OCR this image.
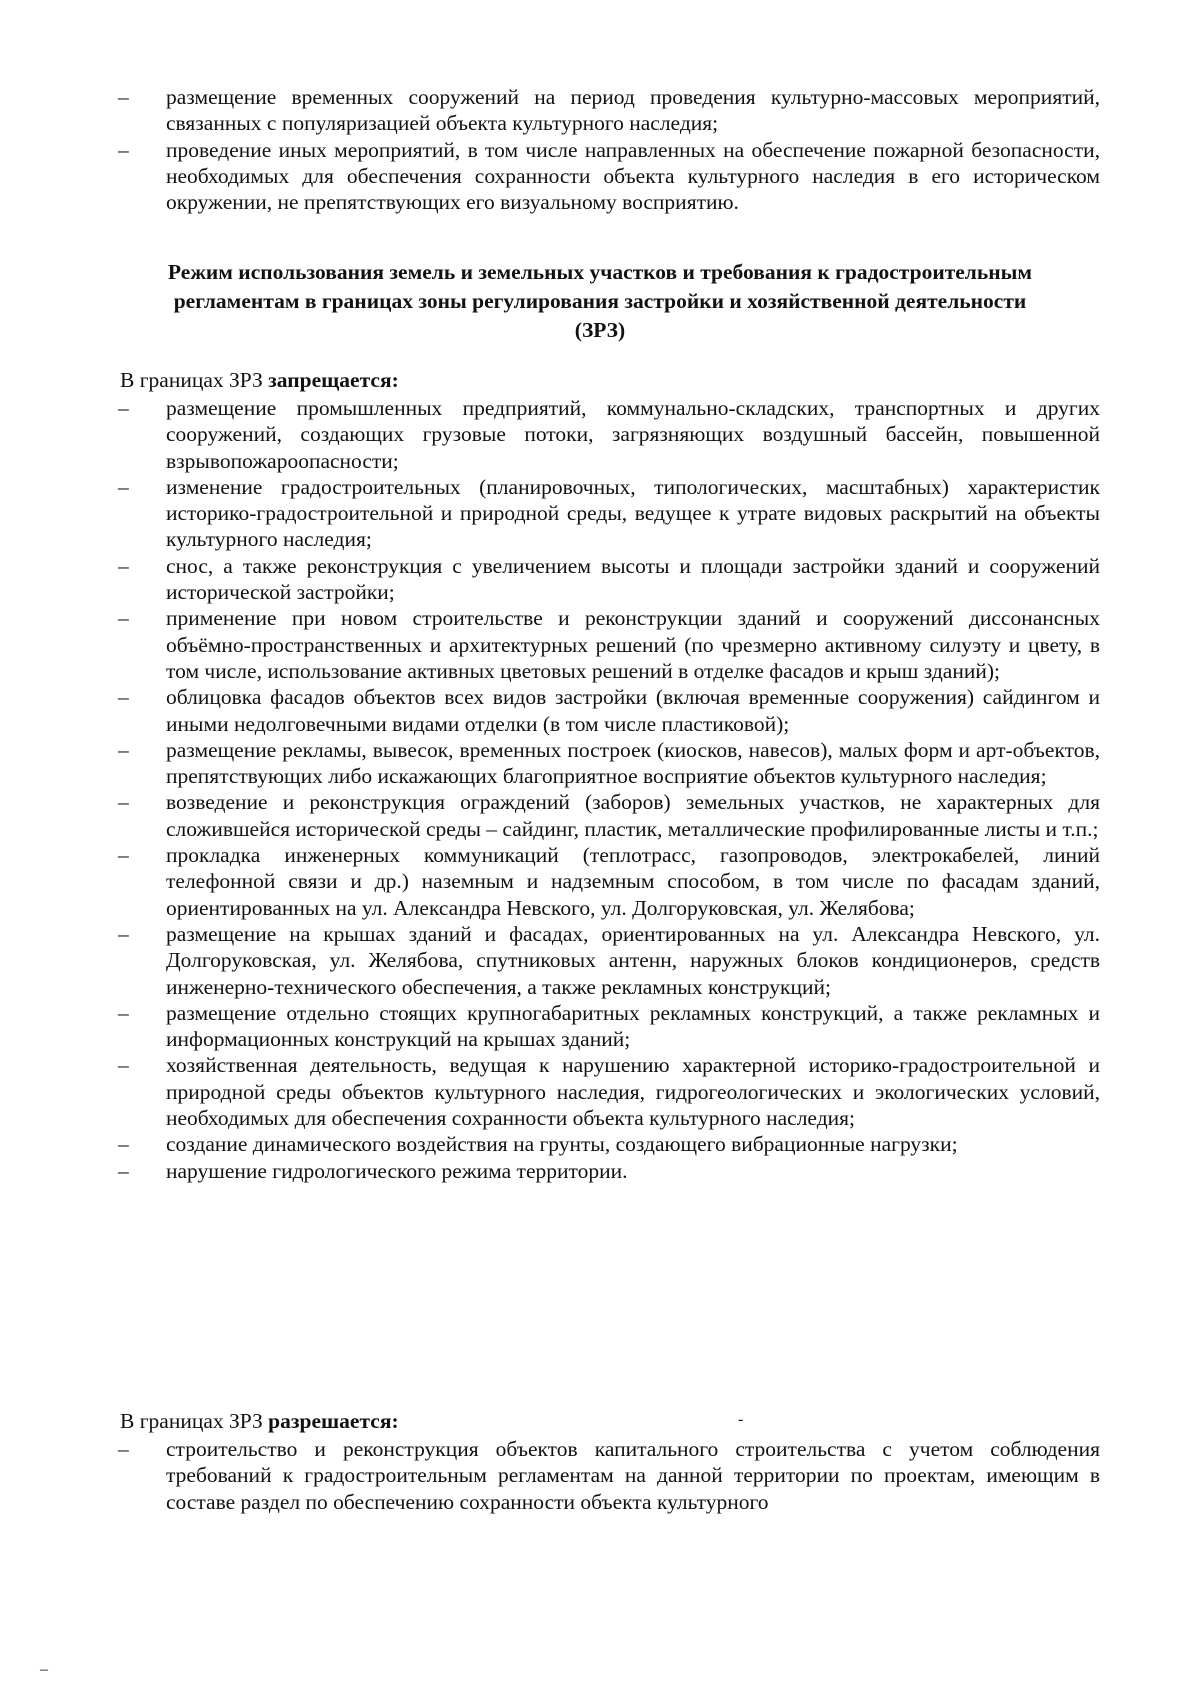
– размещение временных сооружений на период проведения культурно-массовых мероприятий, связанных с популяризацией объекта культурного наследия;
– проведение иных мероприятий, в том числе направленных на обеспечение пожарной безопасности, необходимых для обеспечения сохранности объекта культурного наследия в его историческом окружении, не препятствующих его визуальному восприятию.

Режим использования земель и земельных участков и требования к градостроительным регламентам в границах зоны регулирования застройки и хозяйственной деятельности (ЗРЗ)

В границах ЗРЗ запрещается:

– размещение промышленных предприятий, коммунально-складских, транспортных и других сооружений, создающих грузовые потоки, загрязняющих воздушный бассейн, повышенной взрывопожароопасности;
– изменение градостроительных (планировочных, типологических, масштабных) характеристик историко-градостроительной и природной среды, ведущее к утрате видовых раскрытий на объекты культурного наследия;
– снос, а также реконструкция с увеличением высоты и площади застройки зданий и сооружений исторической застройки;
– применение при новом строительстве и реконструкции зданий и сооружений диссонансных объёмно-пространственных и архитектурных решений (по чрезмерно активному силуэту и цвету, в том числе, использование активных цветовых решений в отделке фасадов и крыш зданий);
– облицовка фасадов объектов всех видов застройки (включая временные сооружения) сайдингом и иными недолговечными видами отделки (в том числе пластиковой);
– размещение рекламы, вывесок, временных построек (киосков, навесов), малых форм и арт-объектов, препятствующих либо искажающих благоприятное восприятие объектов культурного наследия;
– возведение и реконструкция ограждений (заборов) земельных участков, не характерных для сложившейся исторической среды – сайдинг, пластик, металлические профилированные листы и т.п.;
– прокладка инженерных коммуникаций (теплотрасс, газопроводов, электрокабелей, линий телефонной связи и др.) наземным и надземным способом, в том числе по фасадам зданий, ориентированных на ул. Александра Невского, ул. Долгоруковская, ул. Желябова;
– размещение на крышах зданий и фасадах, ориентированных на ул. Александра Невского, ул. Долгоруковская, ул. Желябова, спутниковых антенн, наружных блоков кондиционеров, средств инженерно-технического обеспечения, а также рекламных конструкций;
– размещение отдельно стоящих крупногабаритных рекламных конструкций, а также рекламных и информационных конструкций на крышах зданий;
– хозяйственная деятельность, ведущая к нарушению характерной историко-градостроительной и природной среды объектов культурного наследия, гидрогеологических и экологических условий, необходимых для обеспечения сохранности объекта культурного наследия;
– создание динамического воздействия на грунты, создающего вибрационные нагрузки;
– нарушение гидрологического режима территории.

В границах ЗРЗ разрешается:

– строительство и реконструкция объектов капитального строительства с учетом соблюдения требований к градостроительным регламентам на данной территории по проектам, имеющим в составе раздел по обеспечению сохранности объекта культурного
-
–
